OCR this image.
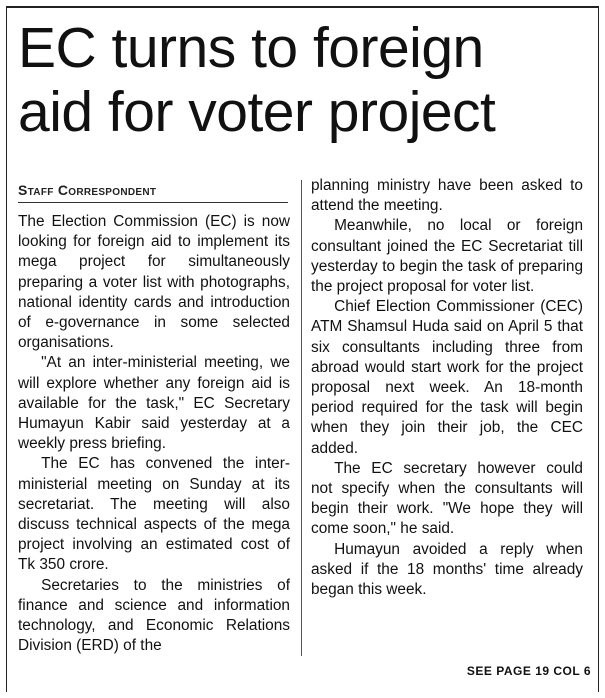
EC turns to foreign
aid for voter project
Staff Correspondent

The Election Commission (EC) is now looking for foreign aid to implement its mega project for simultaneously preparing a voter list with photographs, national identity cards and introduction of e-governance in some selected organisations.

"At an inter-ministerial meeting, we will explore whether any foreign aid is available for the task," EC Secretary Humayun Kabir said yesterday at a weekly press briefing.

The EC has convened the inter-ministerial meeting on Sunday at its secretariat. The meeting will also discuss technical aspects of the mega project involving an estimated cost of Tk 350 crore.

Secretaries to the ministries of finance and science and information technology, and Economic Relations Division (ERD) of the

planning ministry have been asked to attend the meeting.

Meanwhile, no local or foreign consultant joined the EC Secretariat till yesterday to begin the task of preparing the project proposal for voter list.

Chief Election Commissioner (CEC) ATM Shamsul Huda said on April 5 that six consultants including three from abroad would start work for the project proposal next week. An 18-month period required for the task will begin when they join their job, the CEC added.

The EC secretary however could not specify when the consultants will begin their work. "We hope they will come soon," he said.

Humayun avoided a reply when asked if the 18 months' time already began this week.

SEE PAGE 19 COL 6
